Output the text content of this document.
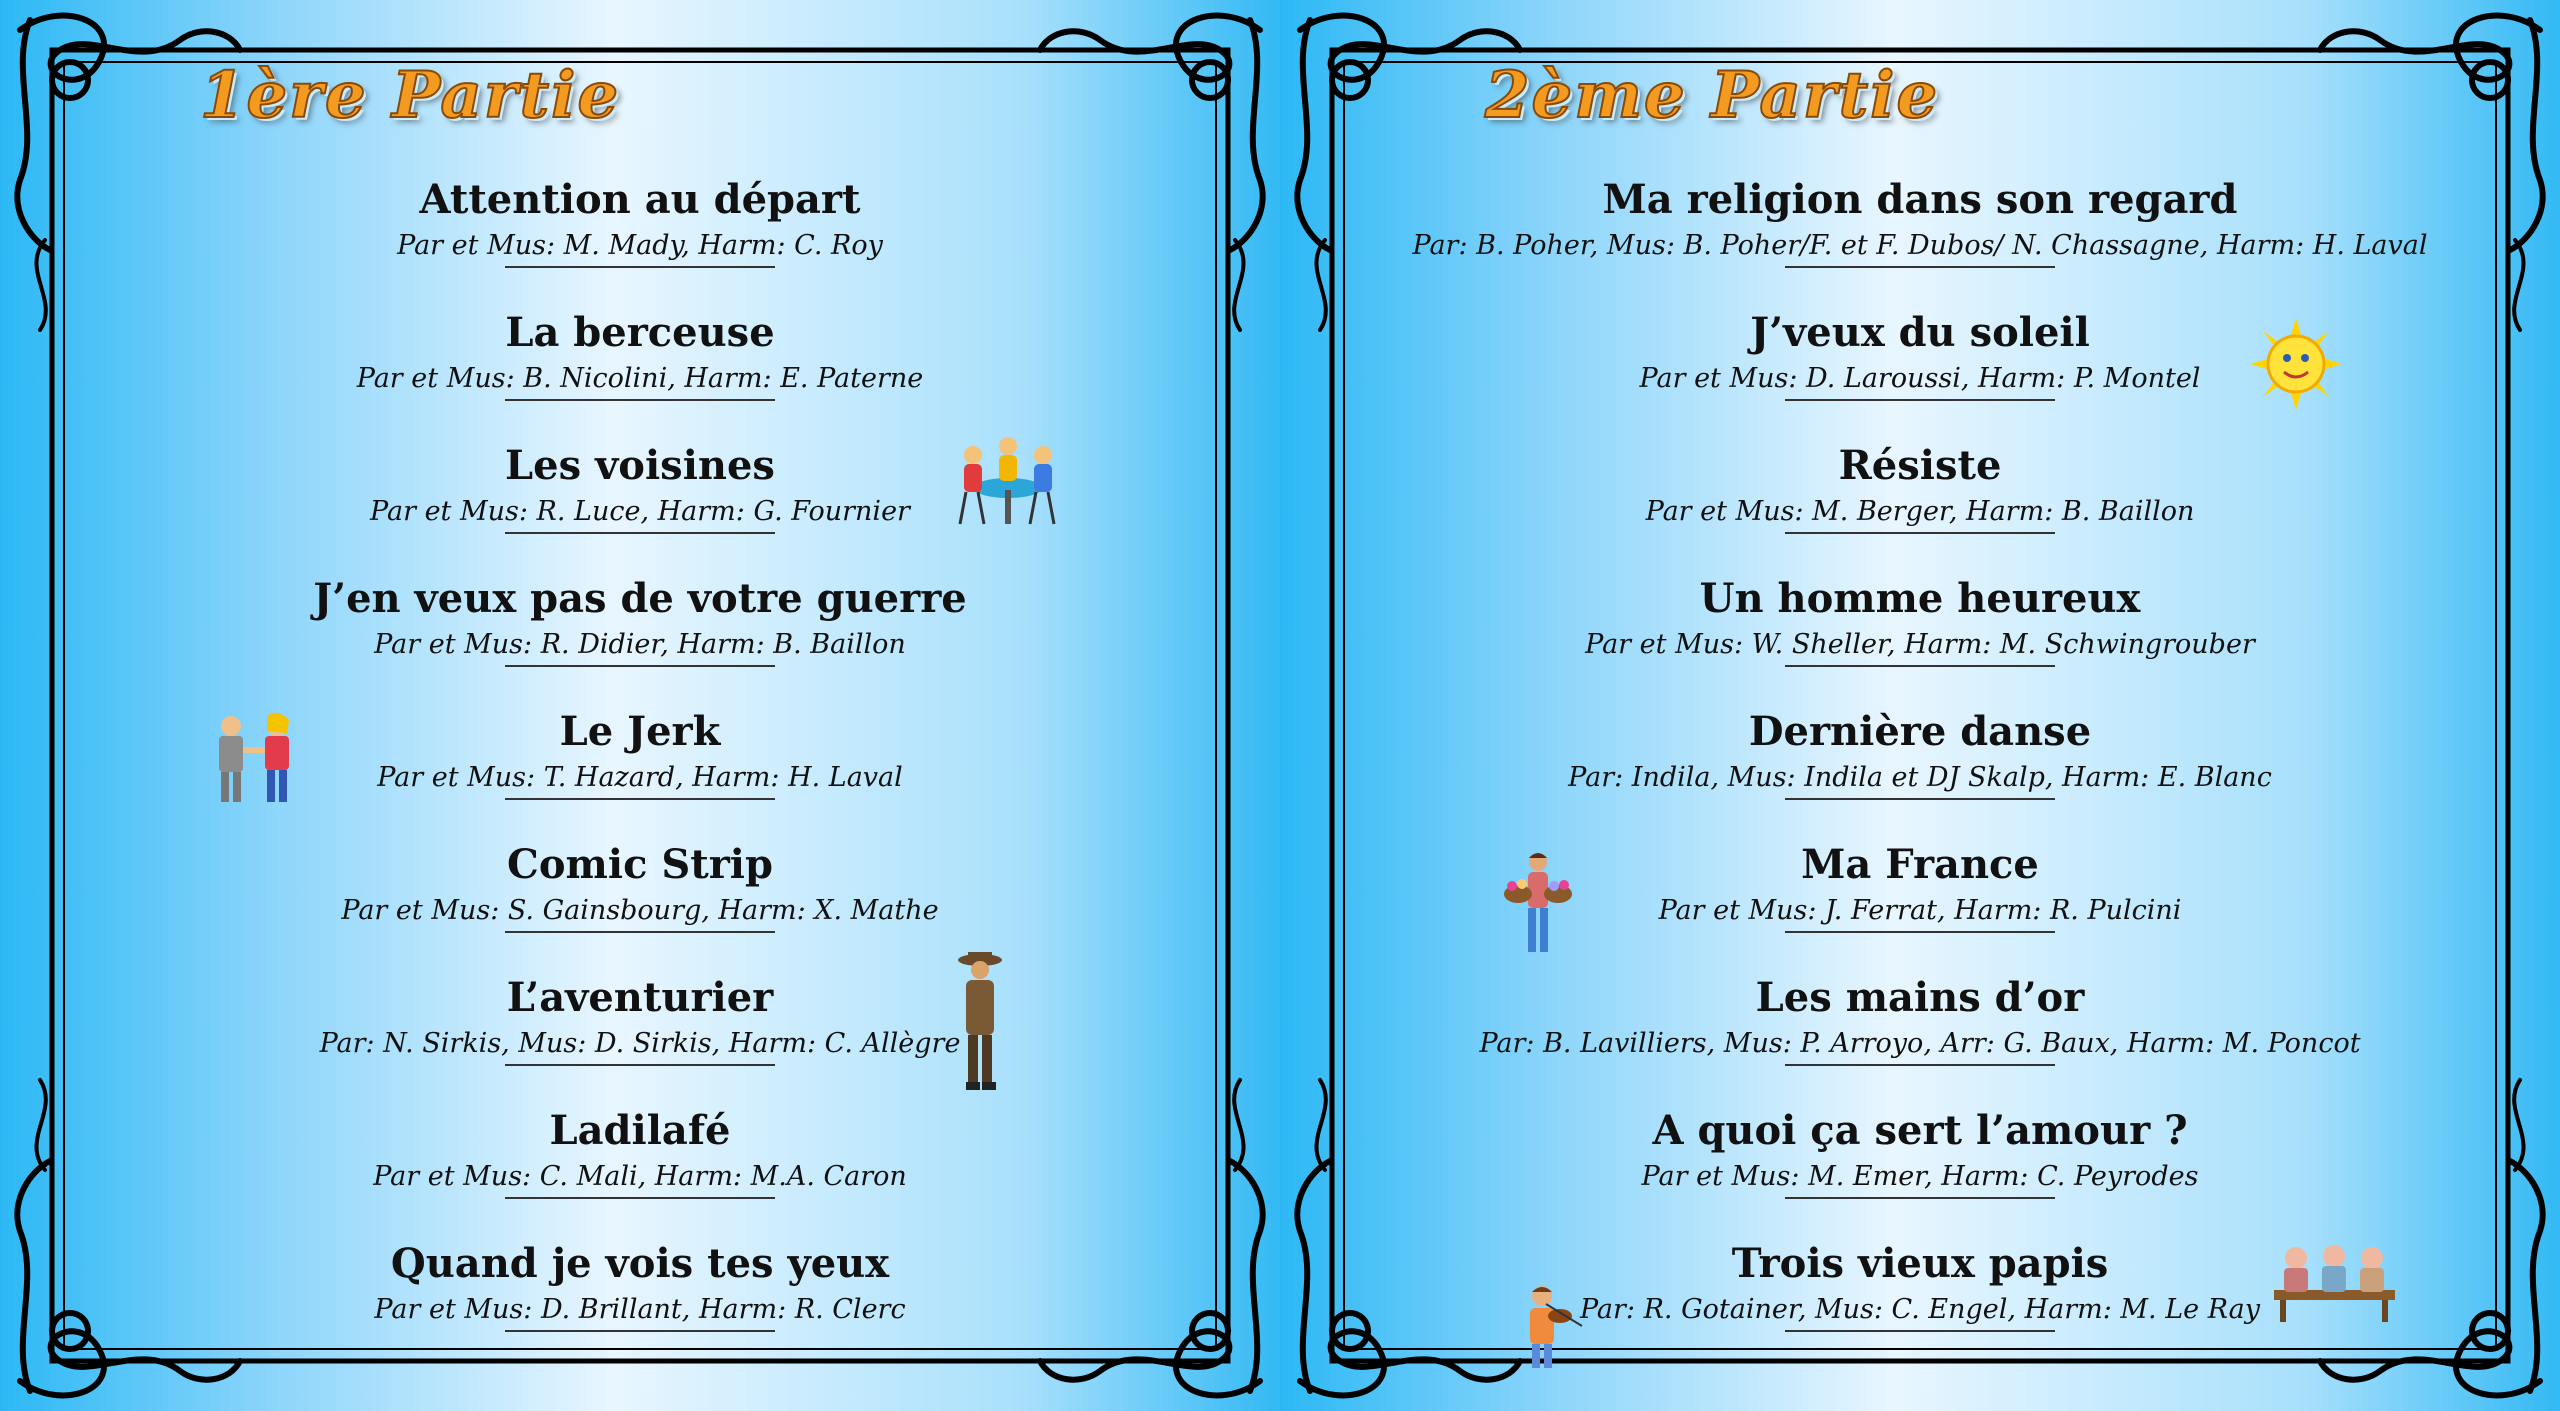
1ère Partie
Attention au départ
Par et Mus: M. Mady, Harm: C. Roy
La berceuse
Par et Mus: B. Nicolini, Harm: E. Paterne
Les voisines
Par et Mus: R. Luce, Harm: G. Fournier
J’en veux pas de votre guerre
Par et Mus: R. Didier, Harm: B. Baillon
Le Jerk
Par et Mus: T. Hazard, Harm: H. Laval
Comic Strip
Par et Mus: S. Gainsbourg, Harm: X. Mathe
L’aventurier
Par: N. Sirkis, Mus: D. Sirkis, Harm: C. Allègre
Ladilafé
Par et Mus: C. Mali, Harm: M.A. Caron
Quand je vois tes yeux
Par et Mus: D. Brillant, Harm: R. Clerc
2ème Partie
Ma religion dans son regard
Par: B. Poher, Mus: B. Poher/F. et F. Dubos/ N. Chassagne, Harm: H. Laval
J’veux du soleil
Par et Mus: D. Laroussi, Harm: P. Montel
Résiste
Par et Mus: M. Berger, Harm: B. Baillon
Un homme heureux
Par et Mus: W. Sheller, Harm: M. Schwingrouber
Dernière danse
Par: Indila, Mus: Indila et DJ Skalp, Harm: E. Blanc
Ma France
Par et Mus: J. Ferrat, Harm: R. Pulcini
Les mains d’or
Par: B. Lavilliers, Mus: P. Arroyo, Arr: G. Baux, Harm: M. Poncot
A quoi ça sert l’amour ?
Par et Mus: M. Emer, Harm: C. Peyrodes
Trois vieux papis
Par: R. Gotainer, Mus: C. Engel, Harm: M. Le Ray
